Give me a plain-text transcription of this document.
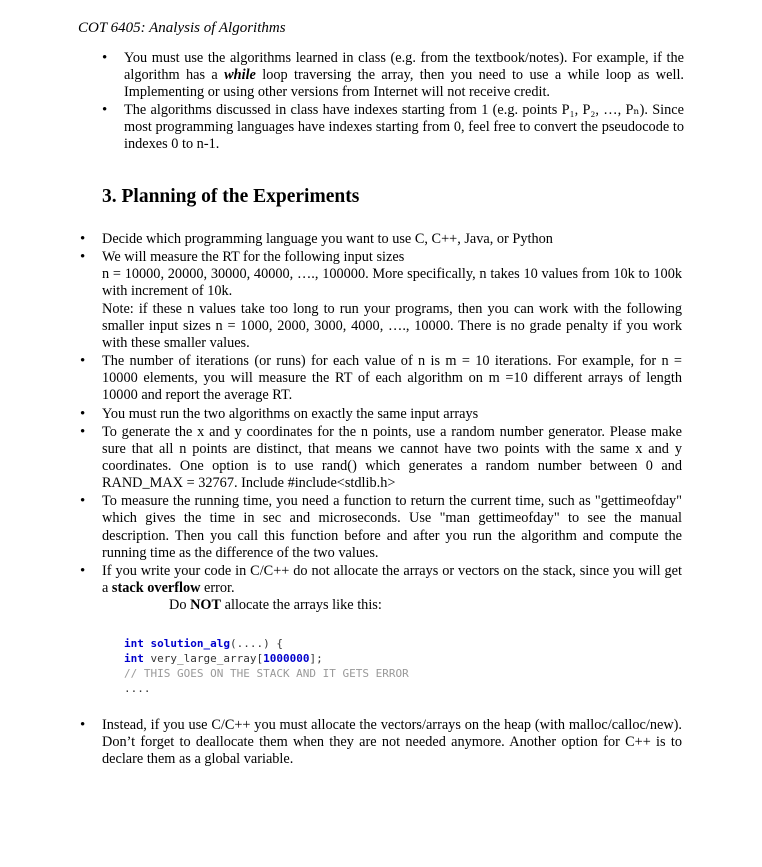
COT 6405: Analysis of Algorithms
• You must use the algorithms learned in class (e.g. from the textbook/notes). For example, if the algorithm has a while loop traversing the array, then you need to use a while loop as well. Implementing or using other versions from Internet will not receive credit.
• The algorithms discussed in class have indexes starting from 1 (e.g. points P₁, P₂, …, Pₙ). Since most programming languages have indexes starting from 0, feel free to convert the pseudocode to indexes 0 to n-1.
3. Planning of the Experiments
• Decide which programming language you want to use C, C++, Java, or Python
• We will measure the RT for the following input sizes
n = 10000, 20000, 30000, 40000, …., 100000. More specifically, n takes 10 values from 10k to 100k with increment of 10k.
Note: if these n values take too long to run your programs, then you can work with the following smaller input sizes n = 1000, 2000, 3000, 4000, …., 10000. There is no grade penalty if you work with these smaller values.
• The number of iterations (or runs) for each value of n is m = 10 iterations. For example, for n = 10000 elements, you will measure the RT of each algorithm on m =10 different arrays of length 10000 and report the average RT.
• You must run the two algorithms on exactly the same input arrays
• To generate the x and y coordinates for the n points, use a random number generator. Please make sure that all n points are distinct, that means we cannot have two points with the same x and y coordinates. One option is to use rand() which generates a random number between 0 and RAND_MAX = 32767. Include #include<stdlib.h>
• To measure the running time, you need a function to return the current time, such as "gettimeofday" which gives the time in sec and microseconds. Use "man gettimeofday" to see the manual description. Then you call this function before and after you run the algorithm and compute the running time as the difference of the two values.
• If you write your code in C/C++ do not allocate the arrays or vectors on the stack, since you will get a stack overflow error.
Do NOT allocate the arrays like this:
int solution_alg(....) {
int very_large_array[1000000];
// THIS GOES ON THE STACK AND IT GETS ERROR
....
• Instead, if you use C/C++ you must allocate the vectors/arrays on the heap (with malloc/calloc/new). Don’t forget to deallocate them when they are not needed anymore. Another option for C++ is to declare them as a global variable.
